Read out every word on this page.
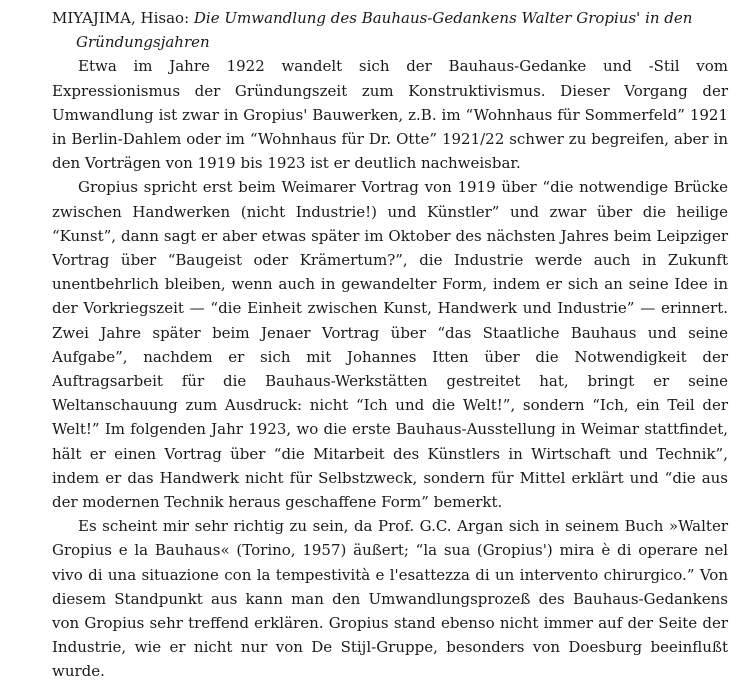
MIYAJIMA, Hisao: Die Umwandlung des Bauhaus-Gedankens Walter Gropius' in den

Gründungsjahren

Etwa im Jahre 1922 wandelt sich der Bauhaus-Gedanke und -Stil vom Expressionismus der Gründungszeit zum Konstruktivismus. Dieser Vorgang der Umwandlung ist zwar in Gropius' Bauwerken, z.B. im “Wohnhaus für Sommerfeld” 1921 in Berlin-Dahlem oder im “Wohnhaus für Dr. Otte” 1921/22 schwer zu begreifen, aber in den Vorträgen von 1919 bis 1923 ist er deutlich nachweisbar.

Gropius spricht erst beim Weimarer Vortrag von 1919 über “die notwendige Brücke zwischen Handwerken (nicht Industrie!) und Künstler” und zwar über die heilige “Kunst”, dann sagt er aber etwas später im Oktober des nächsten Jahres beim Leipziger Vortrag über “Baugeist oder Krämertum?”, die Industrie werde auch in Zukunft unentbehrlich bleiben, wenn auch in gewandelter Form, indem er sich an seine Idee in der Vorkriegszeit — “die Einheit zwischen Kunst, Handwerk und Industrie” — erinnert. Zwei Jahre später beim Jenaer Vortrag über “das Staatliche Bauhaus und seine Aufgabe”, nachdem er sich mit Johannes Itten über die Notwendigkeit der Auftragsarbeit für die Bauhaus-Werkstätten gestreitet hat, bringt er seine Weltanschauung zum Ausdruck: nicht “Ich und die Welt!”, sondern “Ich, ein Teil der Welt!” Im folgenden Jahr 1923, wo die erste Bauhaus-Ausstellung in Weimar stattfindet, hält er einen Vortrag über “die Mitarbeit des Künstlers in Wirtschaft und Technik”, indem er das Handwerk nicht für Selbstzweck, sondern für Mittel erklärt und “die aus der modernen Technik heraus geschaffene Form” bemerkt.

Es scheint mir sehr richtig zu sein, da Prof. G.C. Argan sich in seinem Buch »Walter Gropius e la Bauhaus« (Torino, 1957) äußert; “la sua (Gropius') mira è di operare nel vivo di una situazione con la tempestività e l'esattezza di un intervento chirurgico.” Von diesem Standpunkt aus kann man den Umwandlungsprozeß des Bauhaus-Gedankens von Gropius sehr treffend erklären. Gropius stand ebenso nicht immer auf der Seite der Industrie, wie er nicht nur von De Stijl-Gruppe, besonders von Doesburg beeinflußt wurde.
